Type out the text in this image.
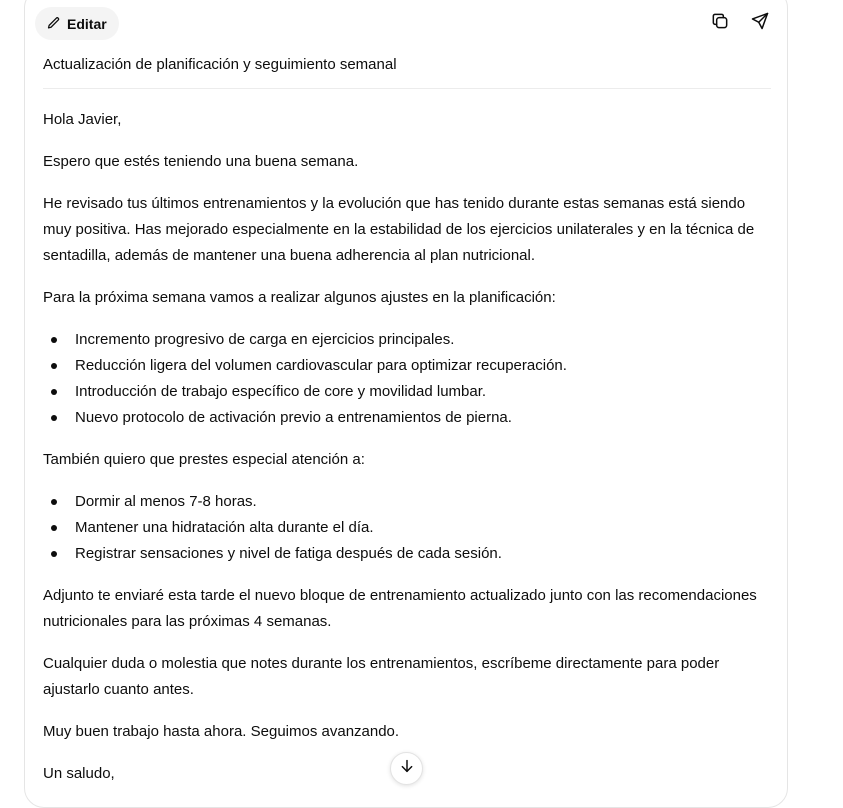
Editar
Actualización de planificación y seguimiento semanal

Hola Javier,

Espero que estés teniendo una buena semana.

He revisado tus últimos entrenamientos y la evolución que has tenido durante estas semanas está siendo muy positiva. Has mejorado especialmente en la estabilidad de los ejercicios unilaterales y en la técnica de sentadilla, además de mantener una buena adherencia al plan nutricional.

Para la próxima semana vamos a realizar algunos ajustes en la planificación:

Incremento progresivo de carga en ejercicios principales.
Reducción ligera del volumen cardiovascular para optimizar recuperación.
Introducción de trabajo específico de core y movilidad lumbar.
Nuevo protocolo de activación previo a entrenamientos de pierna.

También quiero que prestes especial atención a:

Dormir al menos 7-8 horas.
Mantener una hidratación alta durante el día.
Registrar sensaciones y nivel de fatiga después de cada sesión.

Adjunto te enviaré esta tarde el nuevo bloque de entrenamiento actualizado junto con las recomendaciones nutricionales para las próximas 4 semanas.

Cualquier duda o molestia que notes durante los entrenamientos, escríbeme directamente para poder ajustarlo cuanto antes.

Muy buen trabajo hasta ahora. Seguimos avanzando.

Un saludo,
